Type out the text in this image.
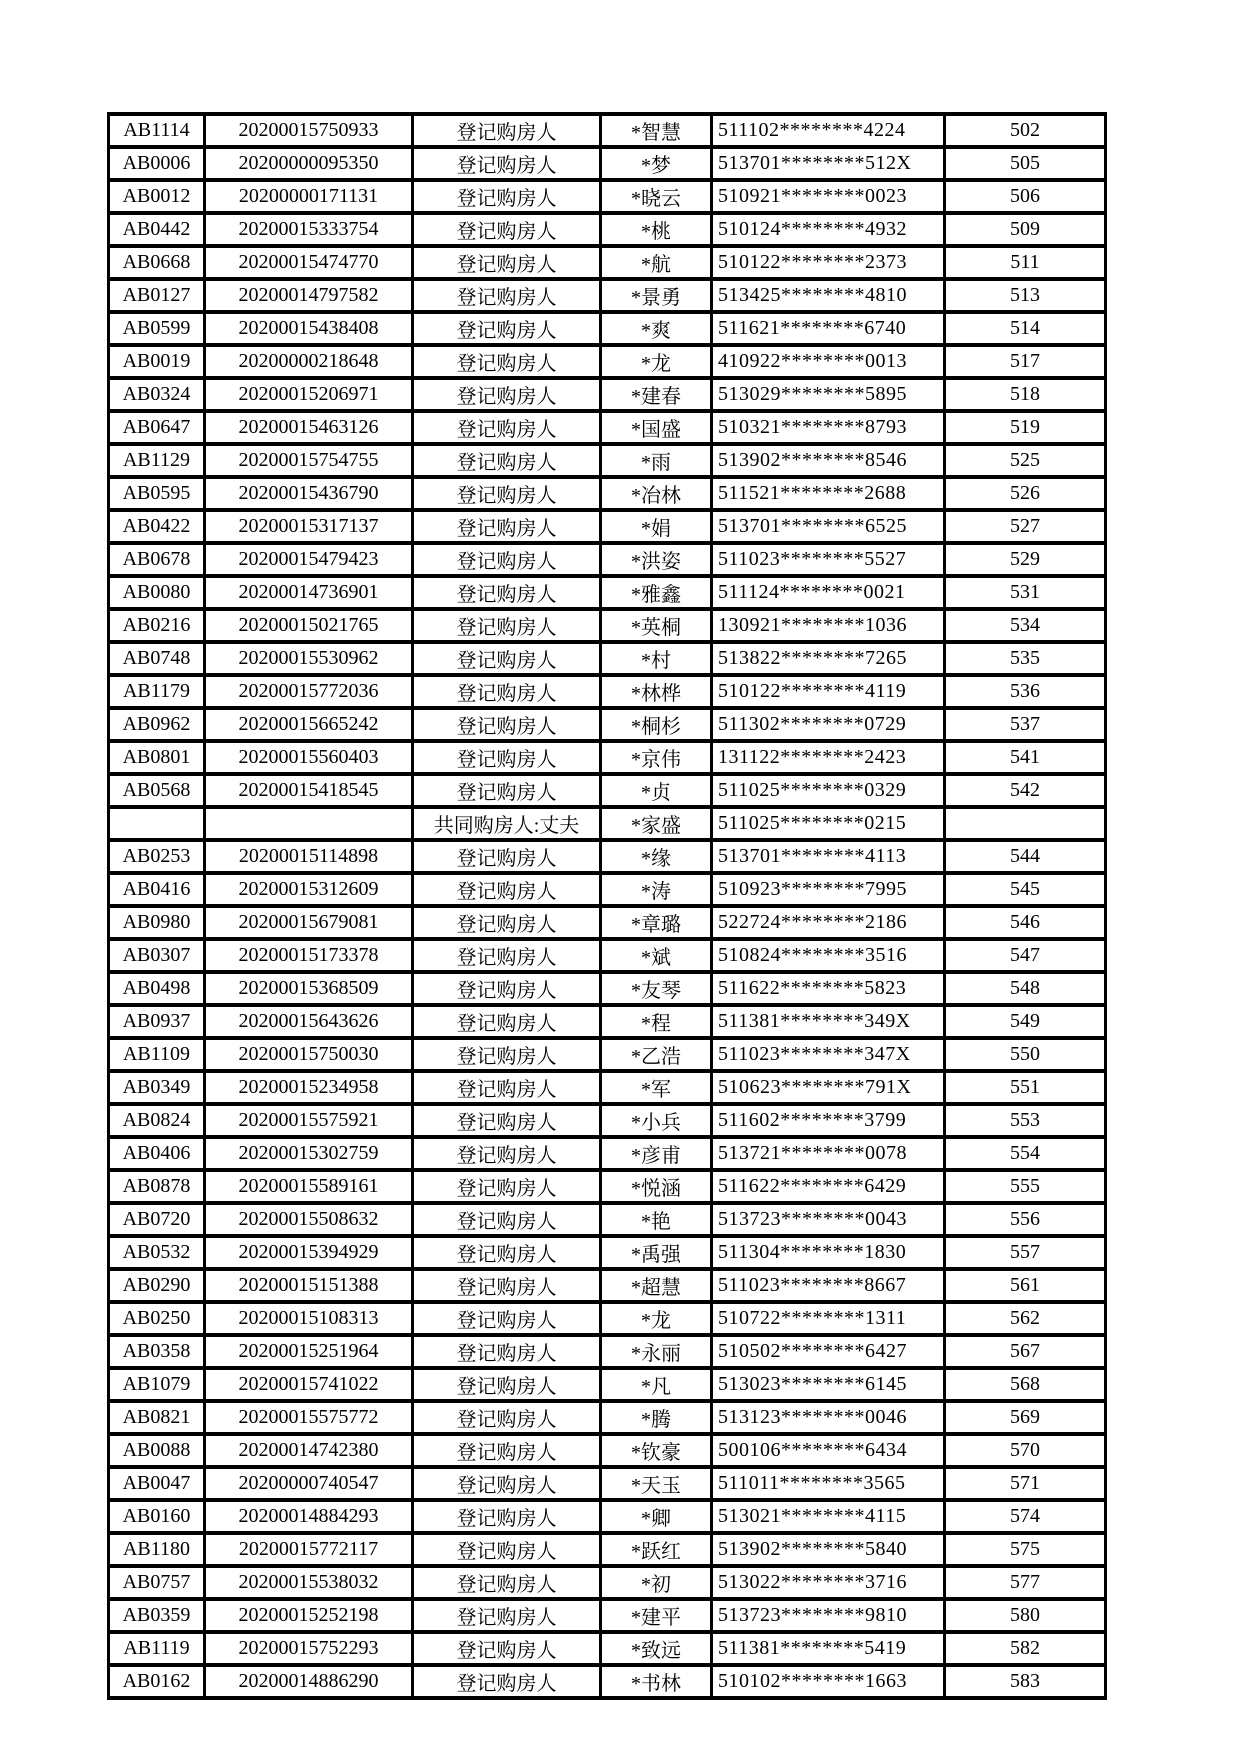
AB1114	20200015750933	登记购房人	*智慧	511102********4224	502
AB0006	20200000095350	登记购房人	*梦	513701********512X	505
AB0012	20200000171131	登记购房人	*晓云	510921********0023	506
AB0442	20200015333754	登记购房人	*桃	510124********4932	509
AB0668	20200015474770	登记购房人	*航	510122********2373	511
AB0127	20200014797582	登记购房人	*景勇	513425********4810	513
AB0599	20200015438408	登记购房人	*爽	511621********6740	514
AB0019	20200000218648	登记购房人	*龙	410922********0013	517
AB0324	20200015206971	登记购房人	*建春	513029********5895	518
AB0647	20200015463126	登记购房人	*国盛	510321********8793	519
AB1129	20200015754755	登记购房人	*雨	513902********8546	525
AB0595	20200015436790	登记购房人	*冶林	511521********2688	526
AB0422	20200015317137	登记购房人	*娟	513701********6525	527
AB0678	20200015479423	登记购房人	*洪姿	511023********5527	529
AB0080	20200014736901	登记购房人	*雅鑫	511124********0021	531
AB0216	20200015021765	登记购房人	*英桐	130921********1036	534
AB0748	20200015530962	登记购房人	*村	513822********7265	535
AB1179	20200015772036	登记购房人	*林桦	510122********4119	536
AB0962	20200015665242	登记购房人	*桐杉	511302********0729	537
AB0801	20200015560403	登记购房人	*京伟	131122********2423	541
AB0568	20200015418545	登记购房人	*贞	511025********0329	542
		共同购房人:丈夫	*家盛	511025********0215	
AB0253	20200015114898	登记购房人	*缘	513701********4113	544
AB0416	20200015312609	登记购房人	*涛	510923********7995	545
AB0980	20200015679081	登记购房人	*章璐	522724********2186	546
AB0307	20200015173378	登记购房人	*斌	510824********3516	547
AB0498	20200015368509	登记购房人	*友琴	511622********5823	548
AB0937	20200015643626	登记购房人	*程	511381********349X	549
AB1109	20200015750030	登记购房人	*乙浩	511023********347X	550
AB0349	20200015234958	登记购房人	*军	510623********791X	551
AB0824	20200015575921	登记购房人	*小兵	511602********3799	553
AB0406	20200015302759	登记购房人	*彦甫	513721********0078	554
AB0878	20200015589161	登记购房人	*悦涵	511622********6429	555
AB0720	20200015508632	登记购房人	*艳	513723********0043	556
AB0532	20200015394929	登记购房人	*禹强	511304********1830	557
AB0290	20200015151388	登记购房人	*超慧	511023********8667	561
AB0250	20200015108313	登记购房人	*龙	510722********1311	562
AB0358	20200015251964	登记购房人	*永丽	510502********6427	567
AB1079	20200015741022	登记购房人	*凡	513023********6145	568
AB0821	20200015575772	登记购房人	*腾	513123********0046	569
AB0088	20200014742380	登记购房人	*钦豪	500106********6434	570
AB0047	20200000740547	登记购房人	*天玉	511011********3565	571
AB0160	20200014884293	登记购房人	*卿	513021********4115	574
AB1180	20200015772117	登记购房人	*跃红	513902********5840	575
AB0757	20200015538032	登记购房人	*初	513022********3716	577
AB0359	20200015252198	登记购房人	*建平	513723********9810	580
AB1119	20200015752293	登记购房人	*致远	511381********5419	582
AB0162	20200014886290	登记购房人	*书林	510102********1663	583
